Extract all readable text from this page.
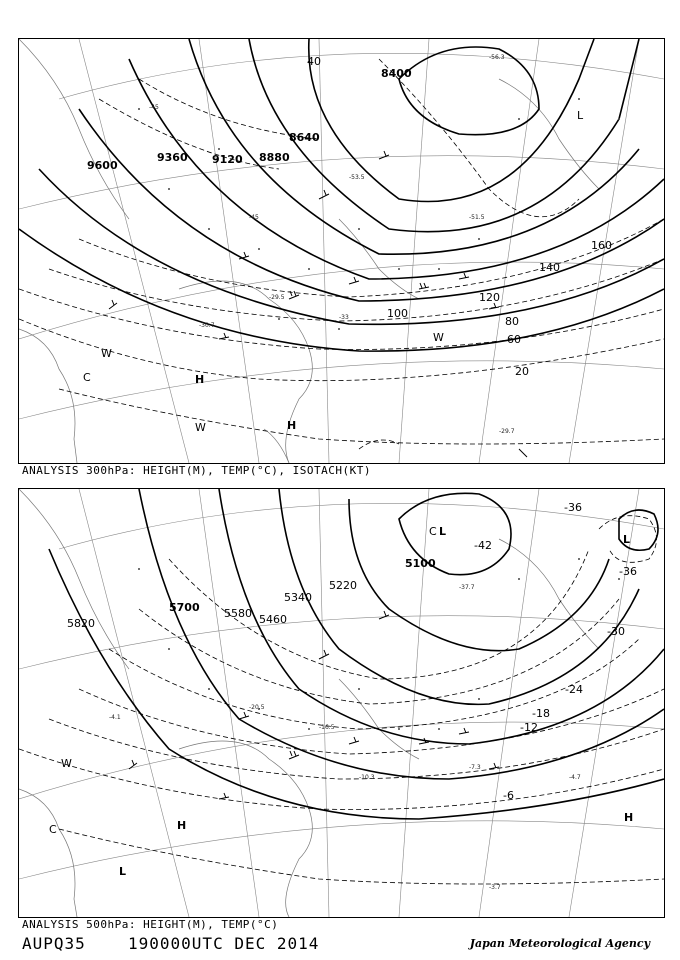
9600
9360 9120 8880
8640
8400
100
120
140
160
80
60
40
20
H
H
C
W
W
W
L
-45
-45
-53.5
-51.5
-29.5
-33
-30.7
-56.3
-29.7
ANALYSIS 300hPa: HEIGHT(M), TEMP(°C), ISOTACH(KT)
5820
5700 5580 5460
5340
5220
5100
-42
-36
-36
-30
-24
-18
-12
-6
H
H
L
L
L
C
C
W
-20.5
-16.5
-10.3
-7.3
-4.7
-3.7
-4.1
-37.7
ANALYSIS 500hPa: HEIGHT(M), TEMP(°C)
AUPQ35	190000UTC DEC 2014	Japan Meteorological Agency
